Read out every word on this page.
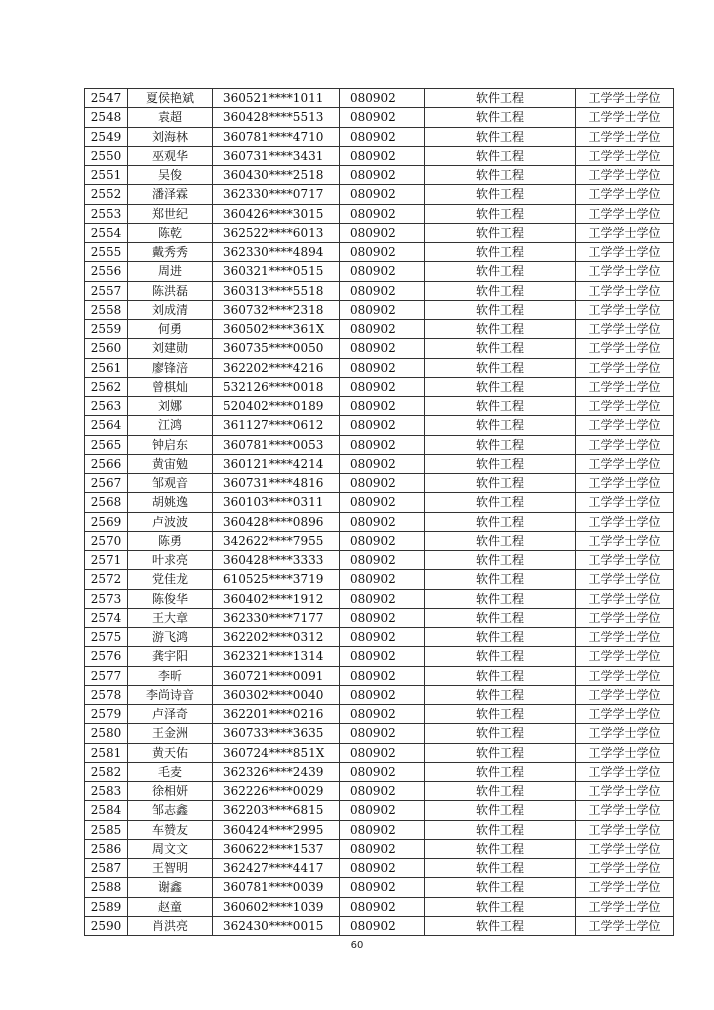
2547	夏侯艳斌	360521****1011	080902	软件工程	工学学士学位
2548	袁超	360428****5513	080902	软件工程	工学学士学位
2549	刘海林	360781****4710	080902	软件工程	工学学士学位
2550	巫观华	360731****3431	080902	软件工程	工学学士学位
2551	吴俊	360430****2518	080902	软件工程	工学学士学位
2552	潘泽霖	362330****0717	080902	软件工程	工学学士学位
2553	郑世纪	360426****3015	080902	软件工程	工学学士学位
2554	陈乾	362522****6013	080902	软件工程	工学学士学位
2555	戴秀秀	362330****4894	080902	软件工程	工学学士学位
2556	周进	360321****0515	080902	软件工程	工学学士学位
2557	陈洪磊	360313****5518	080902	软件工程	工学学士学位
2558	刘成清	360732****2318	080902	软件工程	工学学士学位
2559	何勇	360502****361X	080902	软件工程	工学学士学位
2560	刘建勋	360735****0050	080902	软件工程	工学学士学位
2561	廖锋涪	362202****4216	080902	软件工程	工学学士学位
2562	曾棋灿	532126****0018	080902	软件工程	工学学士学位
2563	刘娜	520402****0189	080902	软件工程	工学学士学位
2564	江鸿	361127****0612	080902	软件工程	工学学士学位
2565	钟启东	360781****0053	080902	软件工程	工学学士学位
2566	黄宙勉	360121****4214	080902	软件工程	工学学士学位
2567	邹观音	360731****4816	080902	软件工程	工学学士学位
2568	胡姚逸	360103****0311	080902	软件工程	工学学士学位
2569	卢波波	360428****0896	080902	软件工程	工学学士学位
2570	陈勇	342622****7955	080902	软件工程	工学学士学位
2571	叶求亮	360428****3333	080902	软件工程	工学学士学位
2572	党佳龙	610525****3719	080902	软件工程	工学学士学位
2573	陈俊华	360402****1912	080902	软件工程	工学学士学位
2574	王大章	362330****7177	080902	软件工程	工学学士学位
2575	游飞鸿	362202****0312	080902	软件工程	工学学士学位
2576	龚宇阳	362321****1314	080902	软件工程	工学学士学位
2577	李昕	360721****0091	080902	软件工程	工学学士学位
2578	李尚诗音	360302****0040	080902	软件工程	工学学士学位
2579	卢泽奇	362201****0216	080902	软件工程	工学学士学位
2580	王金洲	360733****3635	080902	软件工程	工学学士学位
2581	黄天佑	360724****851X	080902	软件工程	工学学士学位
2582	毛麦	362326****2439	080902	软件工程	工学学士学位
2583	徐相妍	362226****0029	080902	软件工程	工学学士学位
2584	邹志鑫	362203****6815	080902	软件工程	工学学士学位
2585	车赞友	360424****2995	080902	软件工程	工学学士学位
2586	周文文	360622****1537	080902	软件工程	工学学士学位
2587	王智明	362427****4417	080902	软件工程	工学学士学位
2588	谢鑫	360781****0039	080902	软件工程	工学学士学位
2589	赵童	360602****1039	080902	软件工程	工学学士学位
2590	肖洪亮	362430****0015	080902	软件工程	工学学士学位
60
